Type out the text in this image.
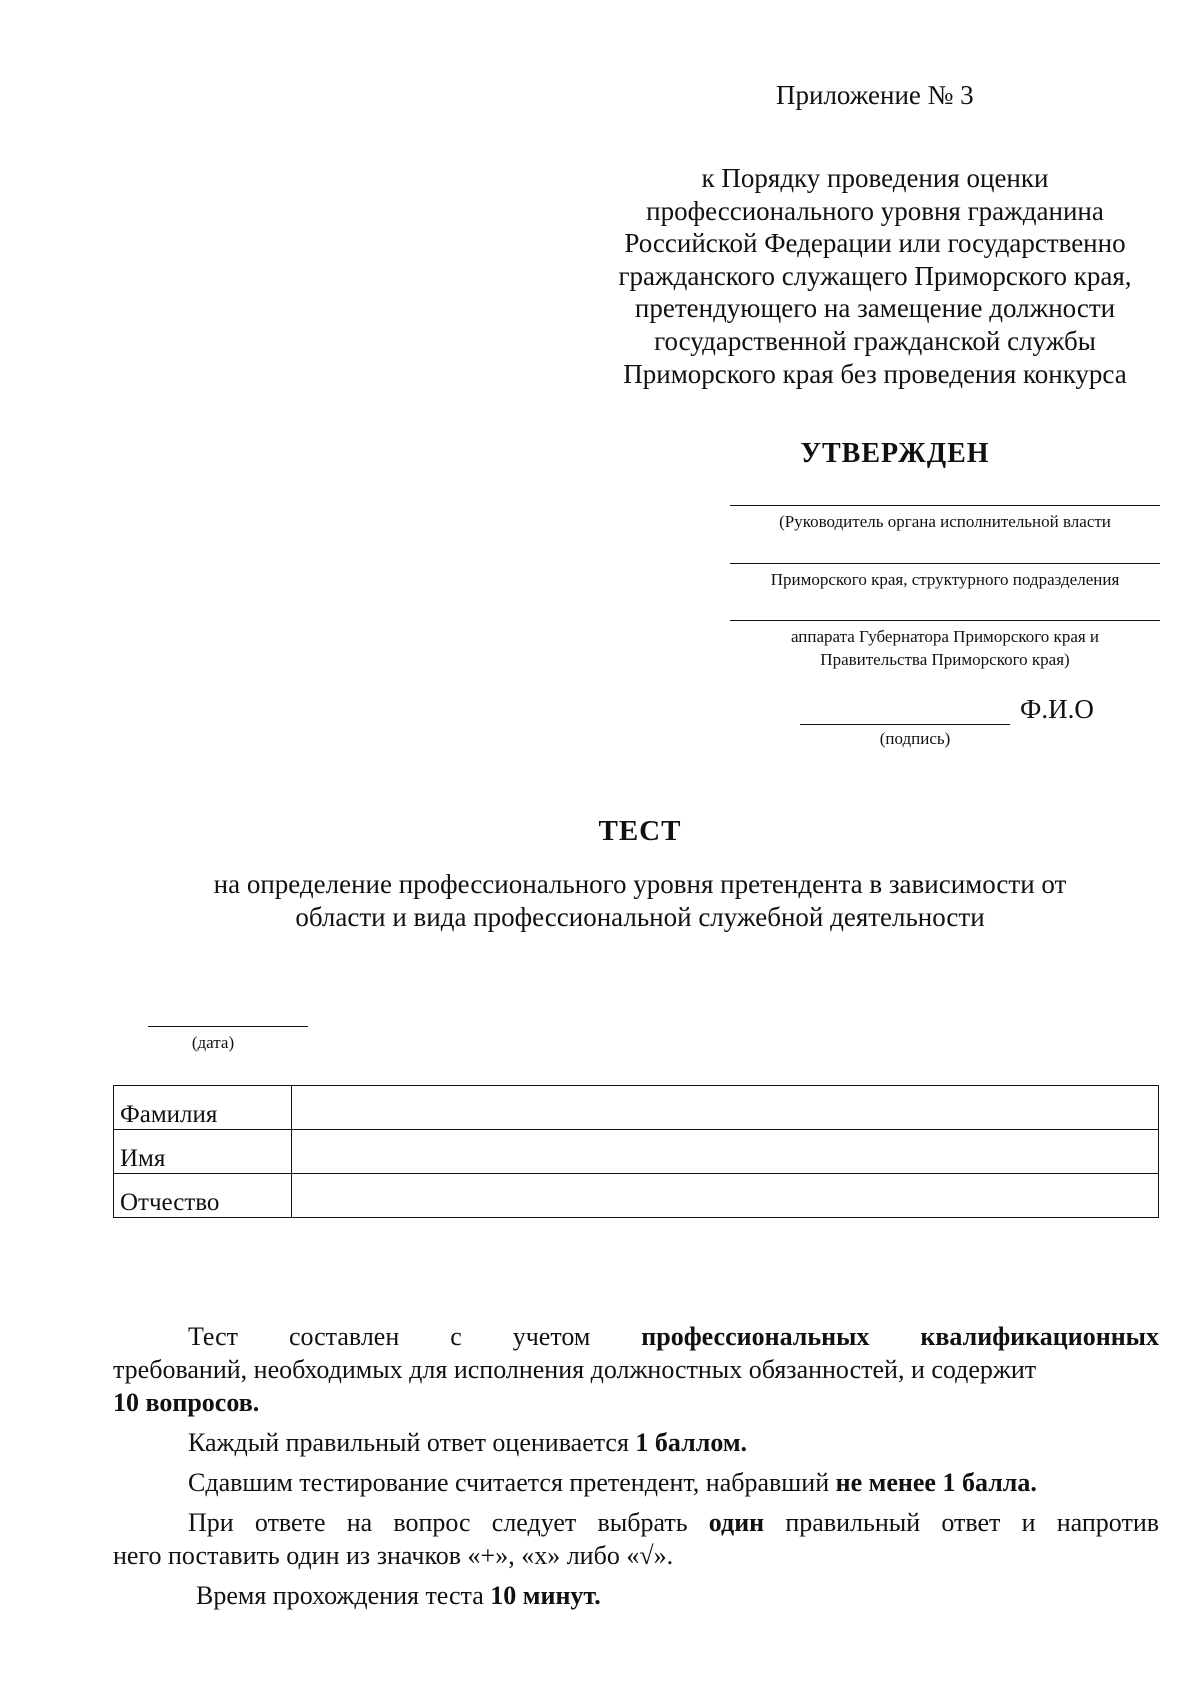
Приложение № 3
к Порядку проведения оценки
профессионального уровня гражданина
Российской Федерации или государственно
гражданского служащего Приморского края,
претендующего на замещение должности
государственной гражданской службы
Приморского края без проведения конкурса
УТВЕРЖДЕН
(Руководитель органа исполнительной власти
Приморского края, структурного подразделения
аппарата Губернатора Приморского края и
Правительства Приморского края)
Ф.И.О
(подпись)
ТЕСТ
на определение профессионального уровня претендента в зависимости от
области и вида профессиональной служебной деятельности
(дата)
Фамилия	
Имя	
Отчество	
Тест составлен с учетом профессиональных квалификационных
требований, необходимых для исполнения должностных обязанностей, и содержит
10 вопросов.
Каждый правильный ответ оценивается 1 баллом.
Сдавшим тестирование считается претендент, набравший не менее 1 балла.
При ответе на вопрос следует выбрать один правильный ответ и напротив
него поставить один из значков «+», «х» либо «√».
Время прохождения теста 10 минут.
